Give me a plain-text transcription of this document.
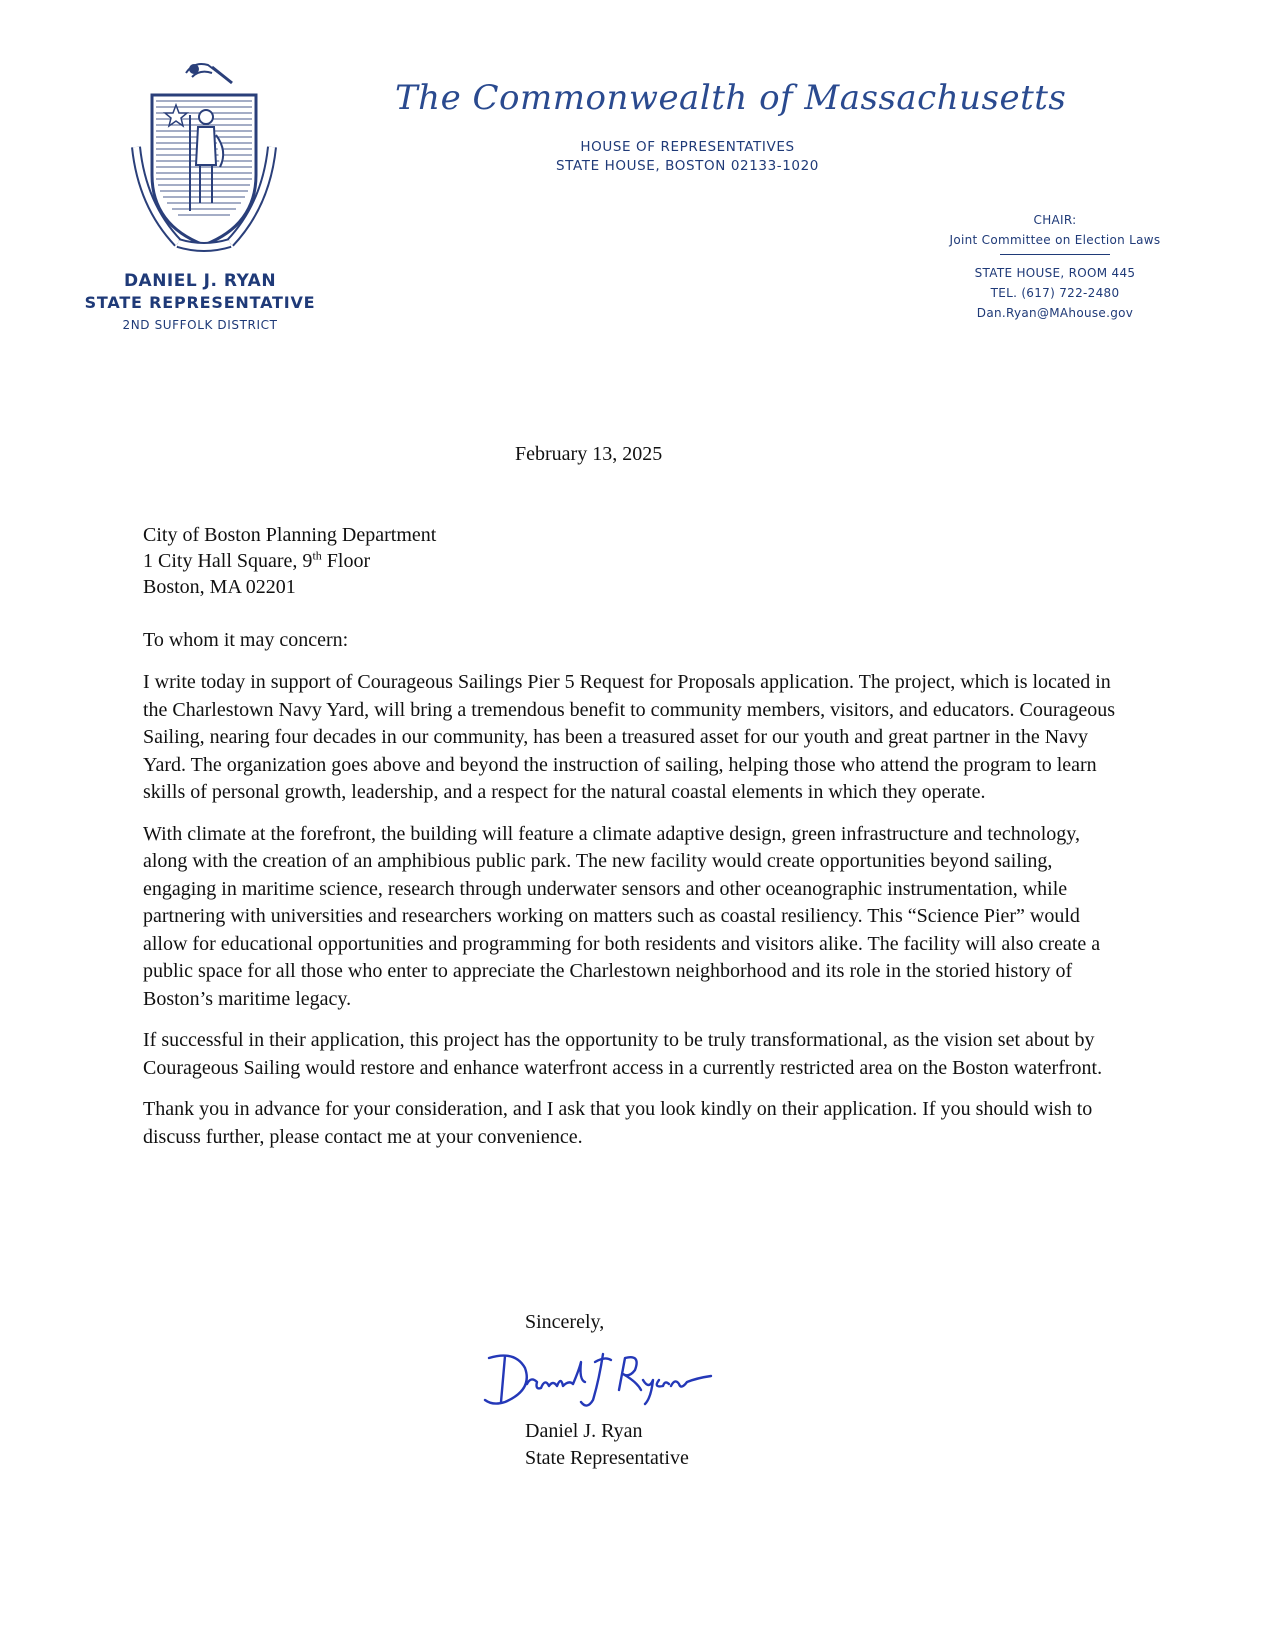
DANIEL J. RYAN
STATE REPRESENTATIVE
2ND SUFFOLK DISTRICT
The Commonwealth of Massachusetts
HOUSE OF REPRESENTATIVES
STATE HOUSE, BOSTON 02133-1020
CHAIR:
Joint Committee on Election Laws
STATE HOUSE, ROOM 445
TEL. (617) 722-2480
Dan.Ryan@MAhouse.gov
February 13, 2025
City of Boston Planning Department
1 City Hall Square, 9th Floor
Boston, MA 02201
To whom it may concern:

I write today in support of Courageous Sailings Pier 5 Request for Proposals application. The project, which is located in the Charlestown Navy Yard, will bring a tremendous benefit to community members, visitors, and educators. Courageous Sailing, nearing four decades in our community, has been a treasured asset for our youth and great partner in the Navy Yard. The organization goes above and beyond the instruction of sailing, helping those who attend the program to learn skills of personal growth, leadership, and a respect for the natural coastal elements in which they operate.

With climate at the forefront, the building will feature a climate adaptive design, green infrastructure and technology, along with the creation of an amphibious public park. The new facility would create opportunities beyond sailing, engaging in maritime science, research through underwater sensors and other oceanographic instrumentation, while partnering with universities and researchers working on matters such as coastal resiliency. This “Science Pier” would allow for educational opportunities and programming for both residents and visitors alike. The facility will also create a public space for all those who enter to appreciate the Charlestown neighborhood and its role in the storied history of Boston’s maritime legacy.

If successful in their application, this project has the opportunity to be truly transformational, as the vision set about by Courageous Sailing would restore and enhance waterfront access in a currently restricted area on the Boston waterfront.

Thank you in advance for your consideration, and I ask that you look kindly on their application. If you should wish to discuss further, please contact me at your convenience.

Sincerely,
Daniel J. Ryan
State Representative
